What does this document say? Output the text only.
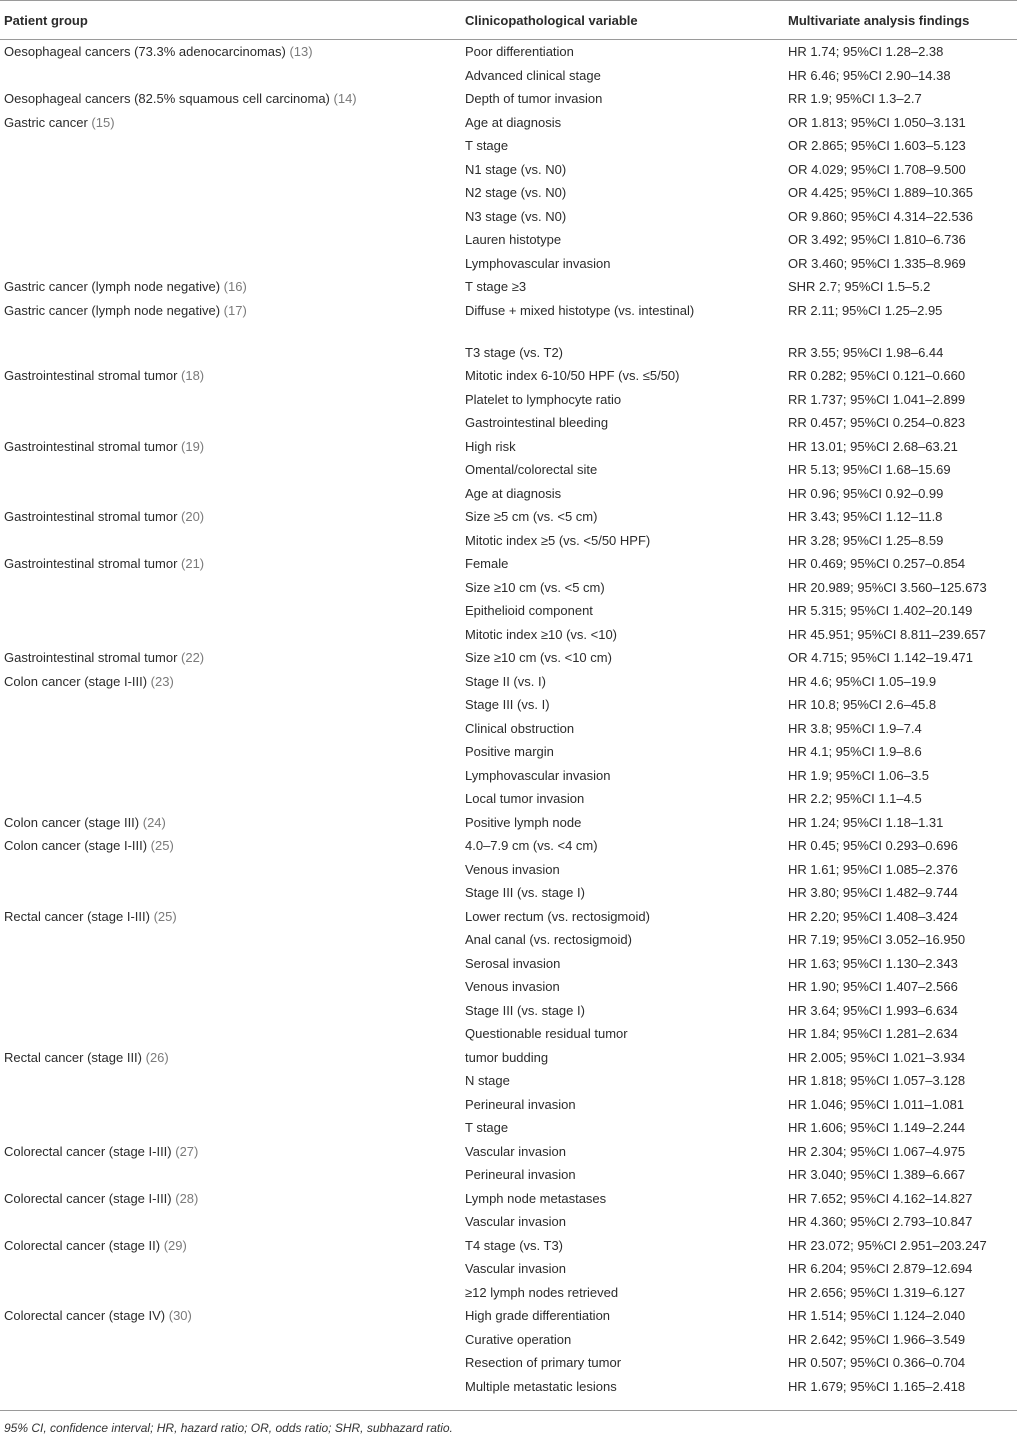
Patient group	Clinicopathological variable	Multivariate analysis findings

Oesophageal cancers (73.3% adenocarcinomas) (13)	Poor differentiation	HR 1.74; 95%CI 1.28–2.38

	Advanced clinical stage	HR 6.46; 95%CI 2.90–14.38

Oesophageal cancers (82.5% squamous cell carcinoma) (14)	Depth of tumor invasion	RR 1.9; 95%CI 1.3–2.7

Gastric cancer (15)	Age at diagnosis	OR 1.813; 95%CI 1.050–3.131

	T stage	OR 2.865; 95%CI 1.603–5.123

	N1 stage (vs. N0)	OR 4.029; 95%CI 1.708–9.500

	N2 stage (vs. N0)	OR 4.425; 95%CI 1.889–10.365

	N3 stage (vs. N0)	OR 9.860; 95%CI 4.314–22.536

	Lauren histotype	OR 3.492; 95%CI 1.810–6.736

	Lymphovascular invasion	OR 3.460; 95%CI 1.335–8.969

Gastric cancer (lymph node negative) (16)	T stage ≥3	SHR 2.7; 95%CI 1.5–5.2

Gastric cancer (lymph node negative) (17)	Diffuse + mixed histotype (vs. intestinal)	RR 2.11; 95%CI 1.25–2.95

	T3 stage (vs. T2)	RR 3.55; 95%CI 1.98–6.44

Gastrointestinal stromal tumor (18)	Mitotic index 6-10/50 HPF (vs. ≤5/50)	RR 0.282; 95%CI 0.121–0.660

	Platelet to lymphocyte ratio	RR 1.737; 95%CI 1.041–2.899

	Gastrointestinal bleeding	RR 0.457; 95%CI 0.254–0.823

Gastrointestinal stromal tumor (19)	High risk	HR 13.01; 95%CI 2.68–63.21

	Omental/colorectal site	HR 5.13; 95%CI 1.68–15.69

	Age at diagnosis	HR 0.96; 95%CI 0.92–0.99

Gastrointestinal stromal tumor (20)	Size ≥5 cm (vs. <5 cm)	HR 3.43; 95%CI 1.12–11.8

	Mitotic index ≥5 (vs. <5/50 HPF)	HR 3.28; 95%CI 1.25–8.59

Gastrointestinal stromal tumor (21)	Female	HR 0.469; 95%CI 0.257–0.854

	Size ≥10 cm (vs. <5 cm)	HR 20.989; 95%CI 3.560–125.673

	Epithelioid component	HR 5.315; 95%CI 1.402–20.149

	Mitotic index ≥10 (vs. <10)	HR 45.951; 95%CI 8.811–239.657

Gastrointestinal stromal tumor (22)	Size ≥10 cm (vs. <10 cm)	OR 4.715; 95%CI 1.142–19.471

Colon cancer (stage I-III) (23)	Stage II (vs. I)	HR 4.6; 95%CI 1.05–19.9

	Stage III (vs. I)	HR 10.8; 95%CI 2.6–45.8

	Clinical obstruction	HR 3.8; 95%CI 1.9–7.4

	Positive margin	HR 4.1; 95%CI 1.9–8.6

	Lymphovascular invasion	HR 1.9; 95%CI 1.06–3.5

	Local tumor invasion	HR 2.2; 95%CI 1.1–4.5

Colon cancer (stage III) (24)	Positive lymph node	HR 1.24; 95%CI 1.18–1.31

Colon cancer (stage I-III) (25)	4.0–7.9 cm (vs. <4 cm)	HR 0.45; 95%CI 0.293–0.696

	Venous invasion	HR 1.61; 95%CI 1.085–2.376

	Stage III (vs. stage I)	HR 3.80; 95%CI 1.482–9.744

Rectal cancer (stage I-III) (25)	Lower rectum (vs. rectosigmoid)	HR 2.20; 95%CI 1.408–3.424

	Anal canal (vs. rectosigmoid)	HR 7.19; 95%CI 3.052–16.950

	Serosal invasion	HR 1.63; 95%CI 1.130–2.343

	Venous invasion	HR 1.90; 95%CI 1.407–2.566

	Stage III (vs. stage I)	HR 3.64; 95%CI 1.993–6.634

	Questionable residual tumor	HR 1.84; 95%CI 1.281–2.634

Rectal cancer (stage III) (26)	tumor budding	HR 2.005; 95%CI 1.021–3.934

	N stage	HR 1.818; 95%CI 1.057–3.128

	Perineural invasion	HR 1.046; 95%CI 1.011–1.081

	T stage	HR 1.606; 95%CI 1.149–2.244

Colorectal cancer (stage I-III) (27)	Vascular invasion	HR 2.304; 95%CI 1.067–4.975

	Perineural invasion	HR 3.040; 95%CI 1.389–6.667

Colorectal cancer (stage I-III) (28)	Lymph node metastases	HR 7.652; 95%CI 4.162–14.827

	Vascular invasion	HR 4.360; 95%CI 2.793–10.847

Colorectal cancer (stage II) (29)	T4 stage (vs. T3)	HR 23.072; 95%CI 2.951–203.247

	Vascular invasion	HR 6.204; 95%CI 2.879–12.694

	≥12 lymph nodes retrieved	HR 2.656; 95%CI 1.319–6.127

Colorectal cancer (stage IV) (30)	High grade differentiation	HR 1.514; 95%CI 1.124–2.040

	Curative operation	HR 2.642; 95%CI 1.966–3.549

	Resection of primary tumor	HR 0.507; 95%CI 0.366–0.704

	Multiple metastatic lesions	HR 1.679; 95%CI 1.165–2.418
95% CI, confidence interval; HR, hazard ratio; OR, odds ratio; SHR, subhazard ratio.
